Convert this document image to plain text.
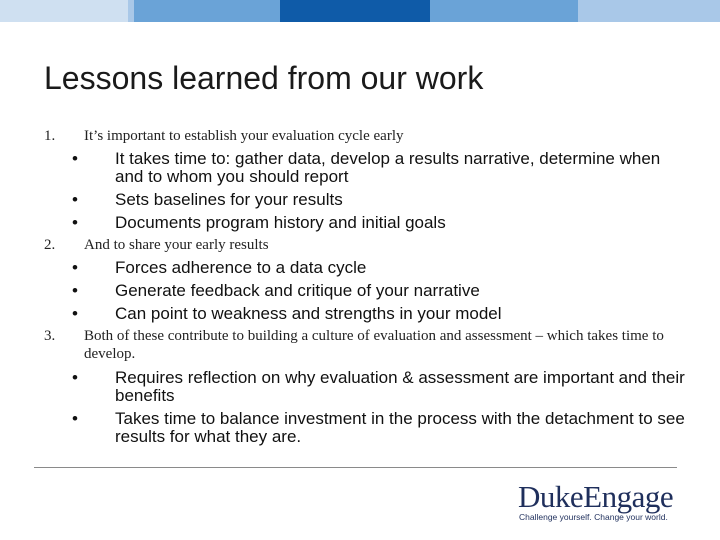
Lessons learned from our work
1. It’s important to establish your evaluation cycle early
• It takes time to: gather data, develop a results narrative, determine when and to whom you should report
• Sets baselines for your results
• Documents program history and initial goals
2. And to share your early results
• Forces adherence to a data cycle
• Generate feedback and critique of your narrative
• Can point to weakness and strengths in your model
3. Both of these contribute to building a culture of evaluation and assessment – which takes time to develop.
• Requires reflection on why evaluation & assessment are important and their benefits
• Takes time to balance investment in the process with the detachment to see results for what they are.
DukeEngage
Challenge yourself. Change your world.
